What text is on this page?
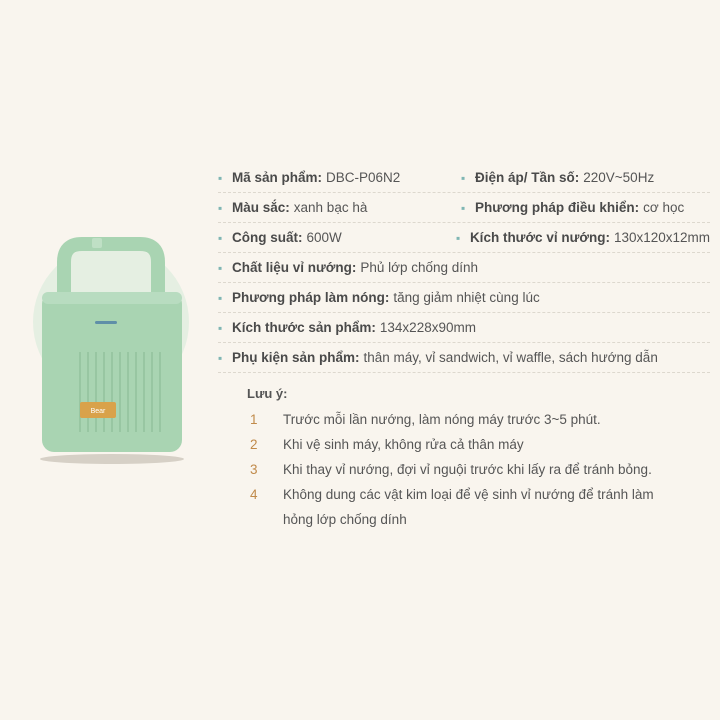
Bear
▪ Mã sản phẩm: DBC-P06N2	▪ Điện áp/ Tần số: 220V~50Hz
▪ Màu sắc: xanh bạc hà	▪ Phương pháp điều khiển: cơ học
▪ Công suất: 600W	▪ Kích thước vỉ nướng: 130x120x12mm
▪ Chất liệu vỉ nướng: Phủ lớp chống dính
▪ Phương pháp làm nóng: tăng giảm nhiệt cùng lúc
▪ Kích thước sản phẩm: 134x228x90mm
▪ Phụ kiện sản phẩm: thân máy, vỉ sandwich, vỉ waffle, sách hướng dẫn
Lưu ý:
1	Trước mỗi lần nướng, làm nóng máy trước 3~5 phút.
2	Khi vệ sinh máy, không rửa cả thân máy
3	Khi thay vỉ nướng, đợi vỉ nguội trước khi lấy ra để tránh bỏng.
4	Không dung các vật kim loại để vệ sinh vỉ nướng để tránh làm
hỏng lớp chống dính
